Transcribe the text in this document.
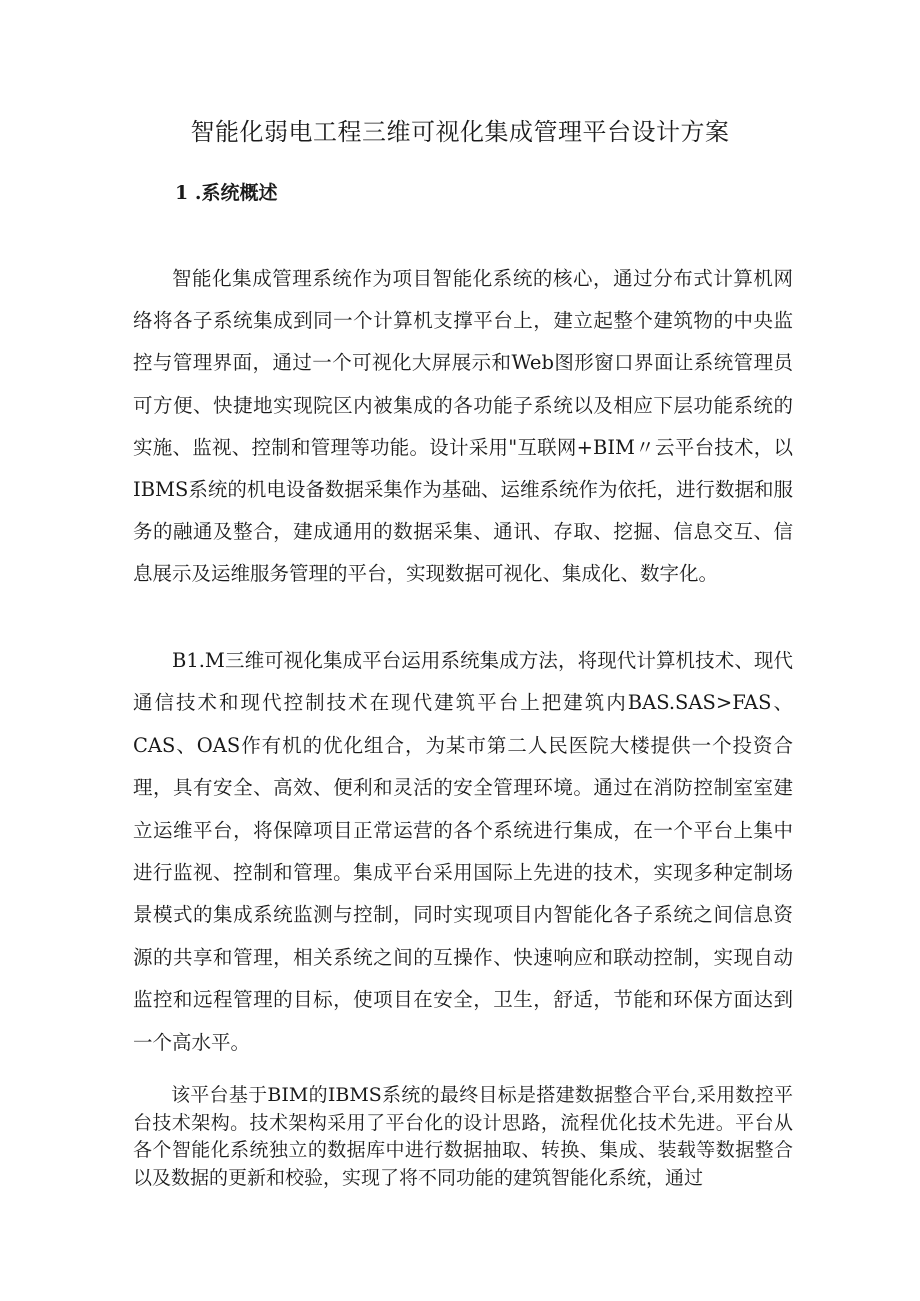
智能化弱电工程三维可视化集成管理平台设计方案
1 .系统概述

智能化集成管理系统作为项目智能化系统的核心，通过分布式计算机网络将各子系统集成到同一个计算机支撑平台上，建立起整个建筑物的中央监控与管理界面，通过一个可视化大屏展示和Web图形窗口界面让系统管理员可方便、快捷地实现院区内被集成的各功能子系统以及相应下层功能系统的实施、监视、控制和管理等功能。设计采用"互联网+BIM〃云平台技术，以IBMS系统的机电设备数据采集作为基础、运维系统作为依托，进行数据和服务的融通及整合，建成通用的数据采集、通讯、存取、挖掘、信息交互、信息展示及运维服务管理的平台，实现数据可视化、集成化、数字化。

B1.M三维可视化集成平台运用系统集成方法，将现代计算机技术、现代通信技术和现代控制技术在现代建筑平台上把建筑内BAS.SAS>FAS、CAS、OAS作有机的优化组合，为某市第二人民医院大楼提供一个投资合理，具有安全、高效、便利和灵活的安全管理环境。通过在消防控制室室建立运维平台，将保障项目正常运营的各个系统进行集成，在一个平台上集中进行监视、控制和管理。集成平台采用国际上先进的技术，实现多种定制场景模式的集成系统监测与控制，同时实现项目内智能化各子系统之间信息资源的共享和管理，相关系统之间的互操作、快速响应和联动控制，实现自动监控和远程管理的目标，使项目在安全，卫生，舒适，节能和环保方面达到一个高水平。

该平台基于BIM的IBMS系统的最终目标是搭建数据整合平台,采用数控平台技术架构。技术架构采用了平台化的设计思路，流程优化技术先进。平台从各个智能化系统独立的数据库中进行数据抽取、转换、集成、装载等数据整合以及数据的更新和校验，实现了将不同功能的建筑智能化系统，通过
